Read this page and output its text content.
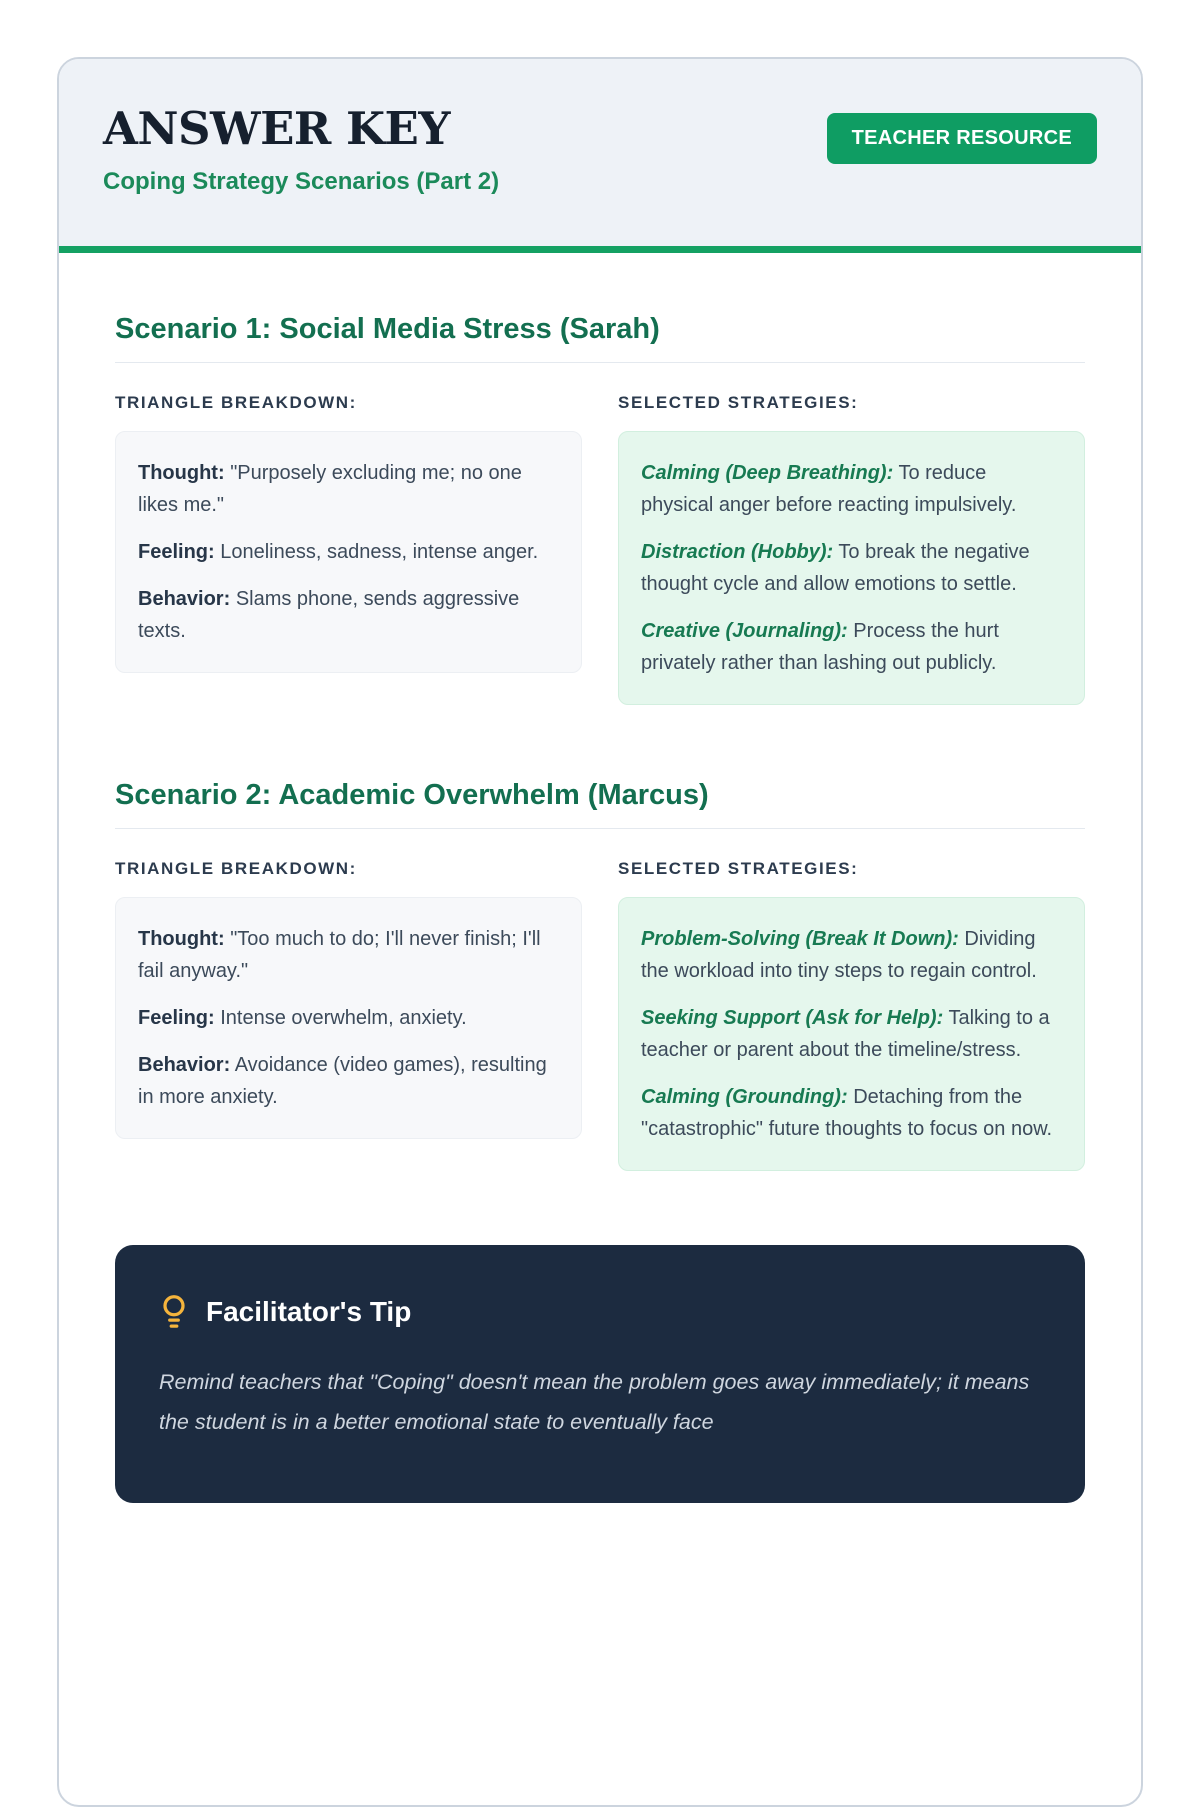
ANSWER KEY
Coping Strategy Scenarios (Part 2)
TEACHER RESOURCE
Scenario 1: Social Media Stress (Sarah)
TRIANGLE BREAKDOWN:

Thought: "Purposely excluding me; no one likes me."

Feeling: Loneliness, sadness, intense anger.

Behavior: Slams phone, sends aggressive texts.

SELECTED STRATEGIES:

Calming (Deep Breathing): To reduce physical anger before reacting impulsively.

Distraction (Hobby): To break the negative thought cycle and allow emotions to settle.

Creative (Journaling): Process the hurt privately rather than lashing out publicly.

Scenario 2: Academic Overwhelm (Marcus)
TRIANGLE BREAKDOWN:

Thought: "Too much to do; I'll never finish; I'll fail anyway."

Feeling: Intense overwhelm, anxiety.

Behavior: Avoidance (video games), resulting in more anxiety.

SELECTED STRATEGIES:

Problem-Solving (Break It Down): Dividing the workload into tiny steps to regain control.

Seeking Support (Ask for Help): Talking to a teacher or parent about the timeline/stress.

Calming (Grounding): Detaching from the "catastrophic" future thoughts to focus on now.

Facilitator's Tip

Remind teachers that "Coping" doesn't mean the problem goes away immediately; it means the student is in a better emotional state to eventually face
